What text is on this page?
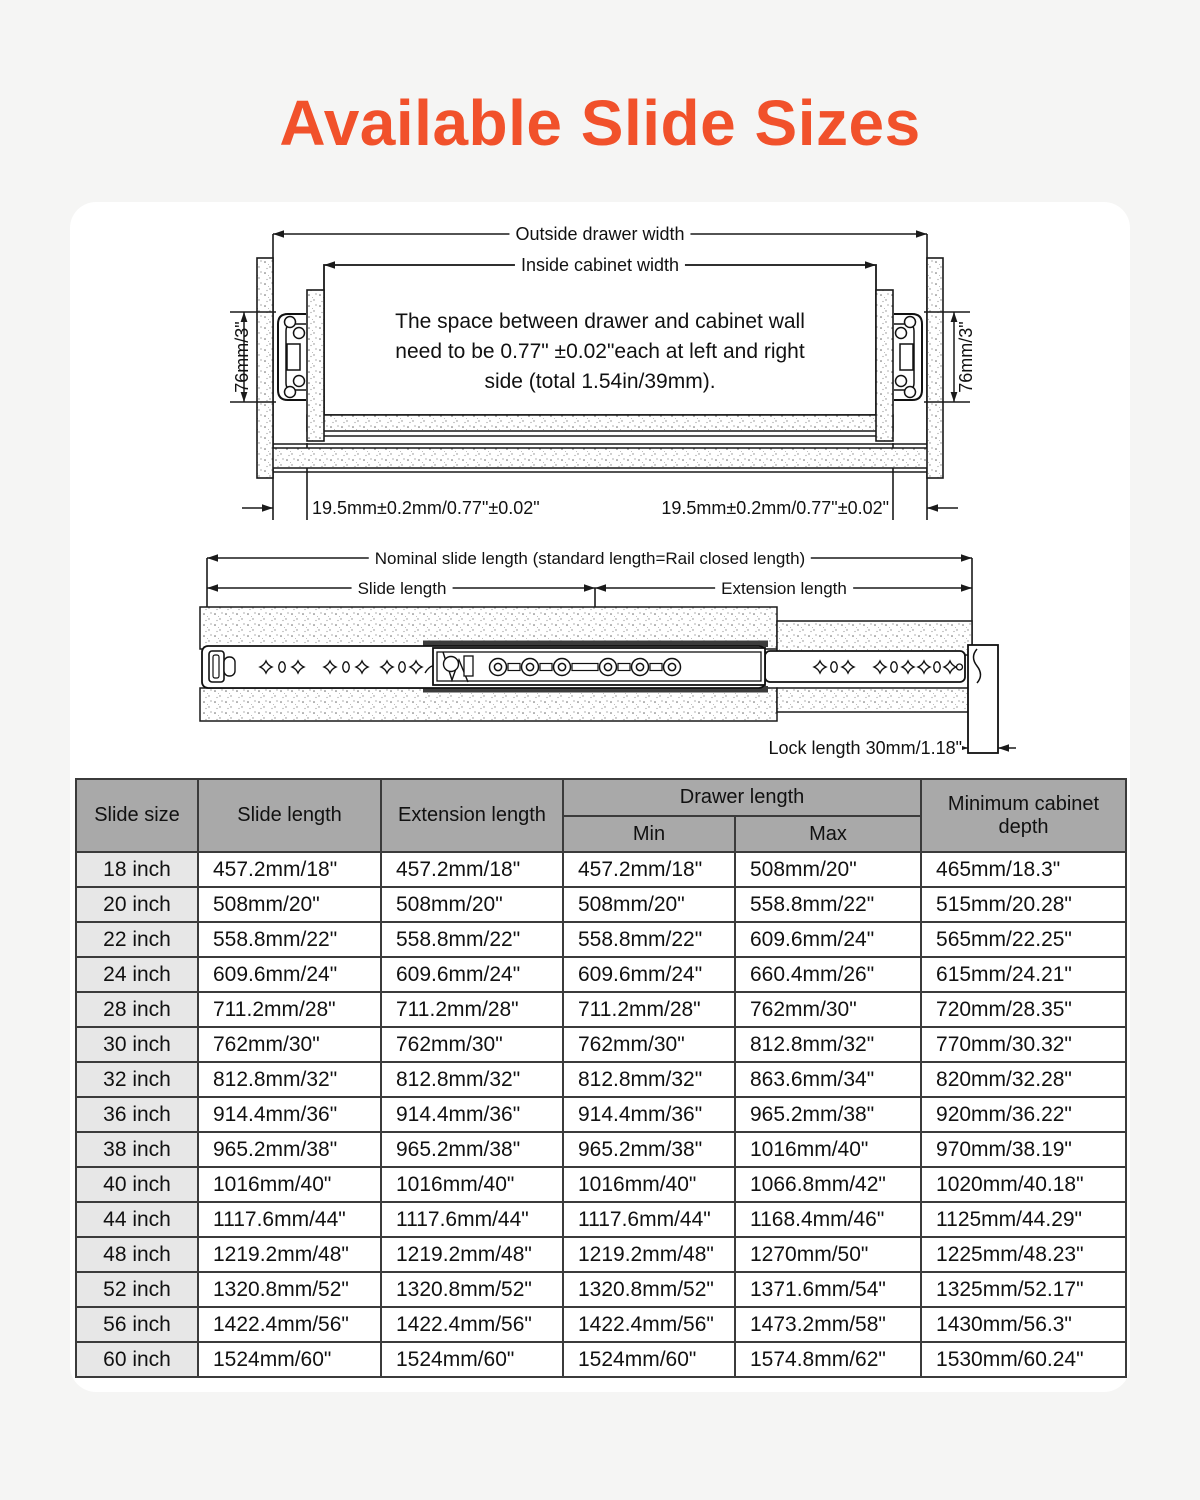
Available Slide Sizes
Outside drawer width
Inside cabinet width
The space between drawer and cabinet wall
need to be 0.77" ±0.02"each at left and right
side (total 1.54in/39mm).
76mm/3"	76mm/3"
19.5mm±0.2mm/0.77"±0.02"	19.5mm±0.2mm/0.77"±0.02"
Nominal slide length (standard length=Rail closed length)
Slide length	Extension length
Lock length 30mm/1.18"
Slide size	Slide length	Extension length	Drawer length		Minimum cabinet depth
			Min	Max	
18 inch	457.2mm/18"	457.2mm/18"	457.2mm/18"	508mm/20"	465mm/18.3"
20 inch	508mm/20"	508mm/20"	508mm/20"	558.8mm/22"	515mm/20.28"
22 inch	558.8mm/22"	558.8mm/22"	558.8mm/22"	609.6mm/24"	565mm/22.25"
24 inch	609.6mm/24"	609.6mm/24"	609.6mm/24"	660.4mm/26"	615mm/24.21"
28 inch	711.2mm/28"	711.2mm/28"	711.2mm/28"	762mm/30"	720mm/28.35"
30 inch	762mm/30"	762mm/30"	762mm/30"	812.8mm/32"	770mm/30.32"
32 inch	812.8mm/32"	812.8mm/32"	812.8mm/32"	863.6mm/34"	820mm/32.28"
36 inch	914.4mm/36"	914.4mm/36"	914.4mm/36"	965.2mm/38"	920mm/36.22"
38 inch	965.2mm/38"	965.2mm/38"	965.2mm/38"	1016mm/40"	970mm/38.19"
40 inch	1016mm/40"	1016mm/40"	1016mm/40"	1066.8mm/42"	1020mm/40.18"
44 inch	1117.6mm/44"	1117.6mm/44"	1117.6mm/44"	1168.4mm/46"	1125mm/44.29"
48 inch	1219.2mm/48"	1219.2mm/48"	1219.2mm/48"	1270mm/50"	1225mm/48.23"
52 inch	1320.8mm/52"	1320.8mm/52"	1320.8mm/52"	1371.6mm/54"	1325mm/52.17"
56 inch	1422.4mm/56"	1422.4mm/56"	1422.4mm/56"	1473.2mm/58"	1430mm/56.3"
60 inch	1524mm/60"	1524mm/60"	1524mm/60"	1574.8mm/62"	1530mm/60.24"
